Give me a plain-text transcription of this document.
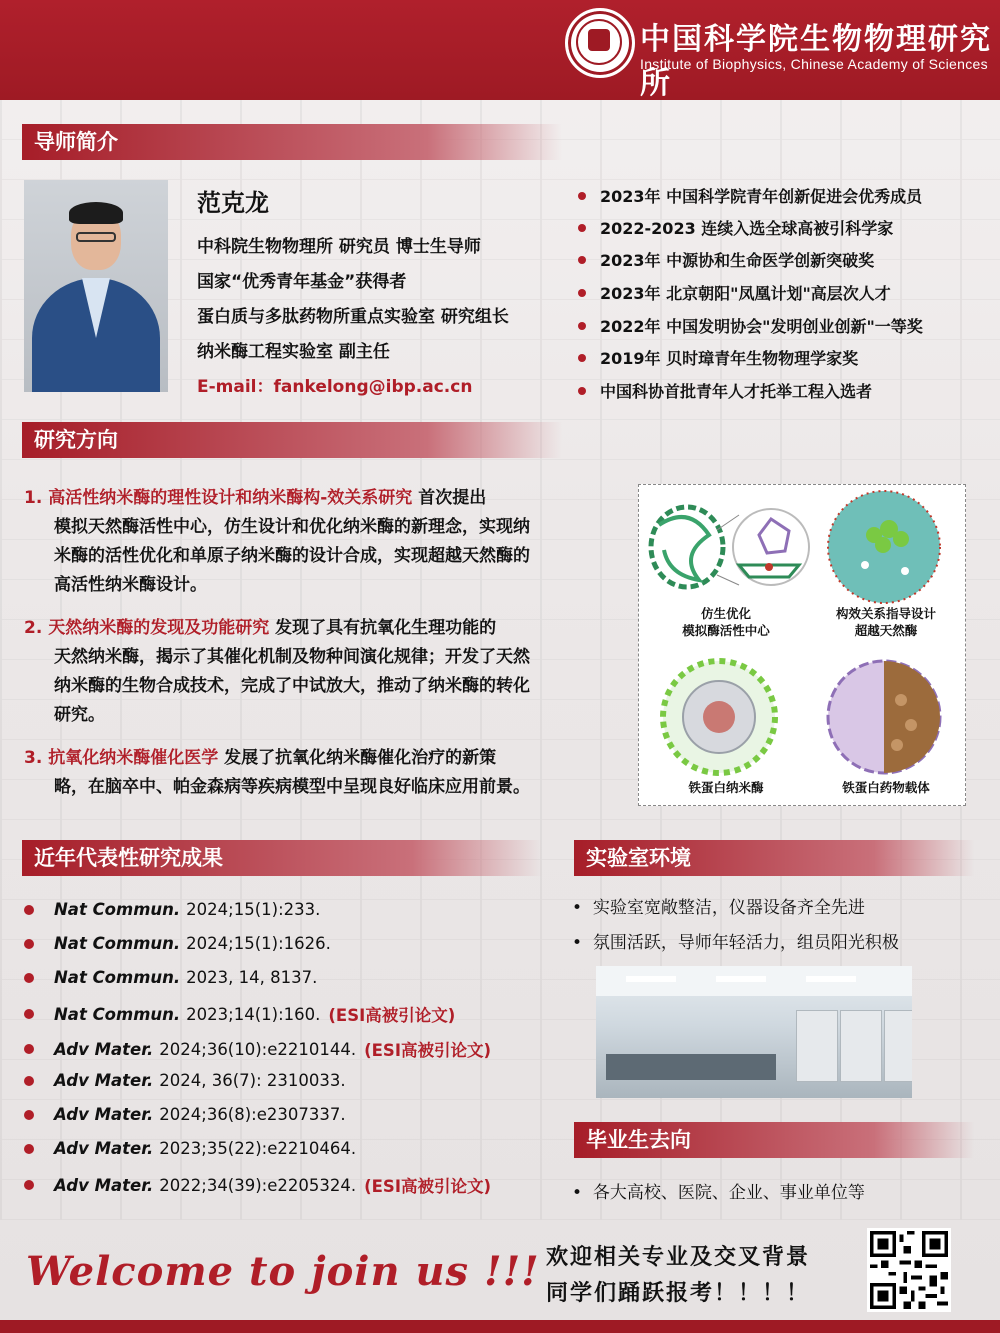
中国科学院生物物理研究所
Institute of Biophysics, Chinese Academy of Sciences
导师简介
范克龙
中科院生物物理所 研究员 博士生导师
国家“优秀青年基金”获得者
蛋白质与多肽药物所重点实验室 研究组长
纳米酶工程实验室 副主任
E-mail：fankelong@ibp.ac.cn
2023年 中国科学院青年创新促进会优秀成员
2022-2023 连续入选全球高被引科学家
2023年 中源协和生命医学创新突破奖
2023年 北京朝阳"凤凰计划"高层次人才
2022年 中国发明协会"发明创业创新"一等奖
2019年 贝时璋青年生物物理学家奖
中国科协首批青年人才托举工程入选者
研究方向
1. 高活性纳米酶的理性设计和纳米酶构-效关系研究 首次提出
模拟天然酶活性中心，仿生设计和优化纳米酶的新理念，实现纳
米酶的活性优化和单原子纳米酶的设计合成，实现超越天然酶的
高活性纳米酶设计。
2. 天然纳米酶的发现及功能研究 发现了具有抗氧化生理功能的
天然纳米酶，揭示了其催化机制及物种间演化规律；开发了天然
纳米酶的生物合成技术，完成了中试放大，推动了纳米酶的转化
研究。
3. 抗氧化纳米酶催化医学 发展了抗氧化纳米酶催化治疗的新策
略，在脑卒中、帕金森病等疾病模型中呈现良好临床应用前景。
仿生优化
模拟酶活性中心
构效关系指导设计
超越天然酶
铁蛋白纳米酶	铁蛋白药物载体
近年代表性研究成果
Nat Commun. 2024;15(1):233.
Nat Commun. 2024;15(1):1626.
Nat Commun. 2023, 14, 8137.
Nat Commun. 2023;14(1):160. (ESI高被引论文)
Adv Mater. 2024;36(10):e2210144. (ESI高被引论文)
Adv Mater. 2024, 36(7): 2310033.
Adv Mater. 2024;36(8):e2307337.
Adv Mater. 2023;35(22):e2210464.
Adv Mater. 2022;34(39):e2205324. (ESI高被引论文)
实验室环境
•  实验室宽敞整洁，仪器设备齐全先进
•  氛围活跃，导师年轻活力，组员阳光积极
毕业生去向
•  各大高校、医院、企业、事业单位等
Welcome to join us !!! 欢迎相关专业及交叉背景
同学们踊跃报考！！！！
